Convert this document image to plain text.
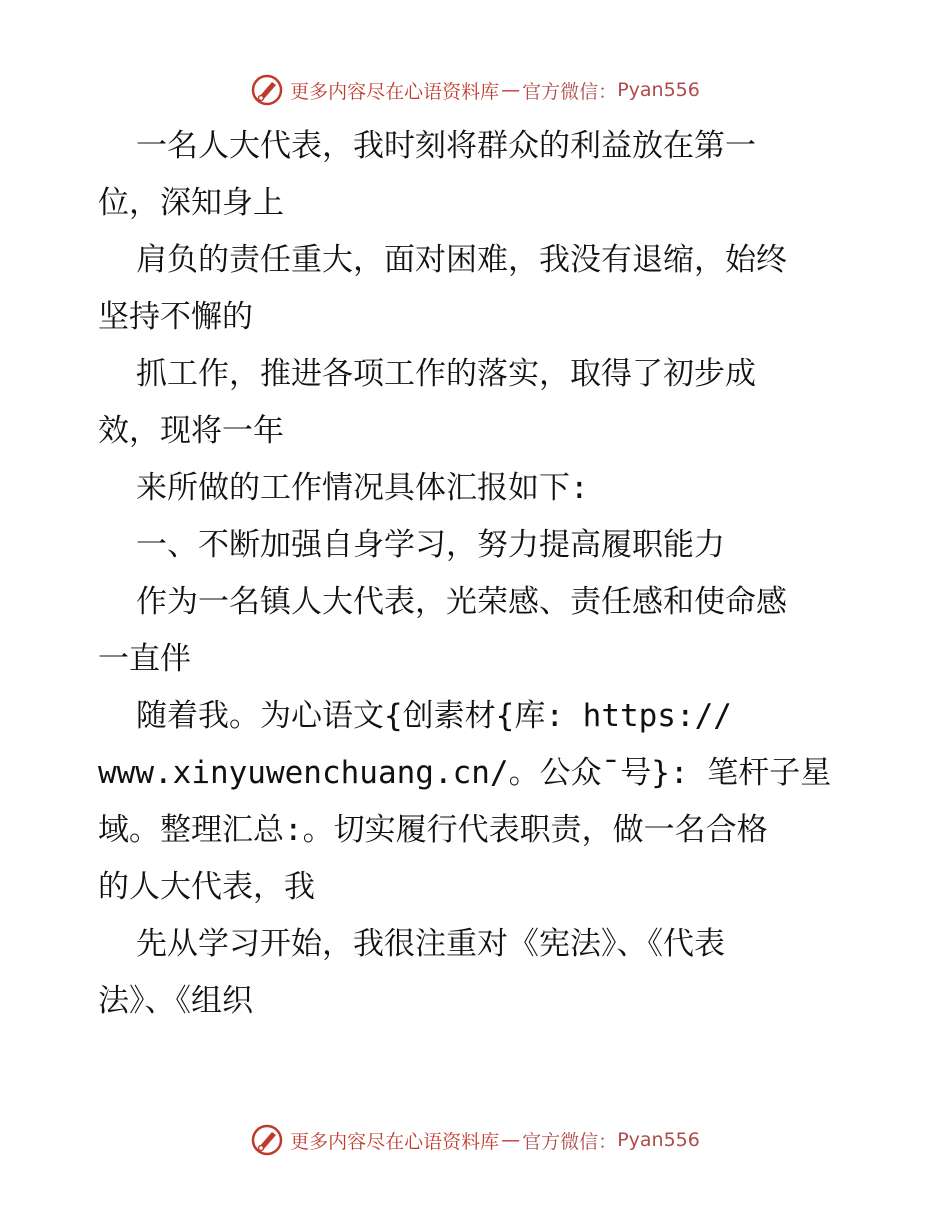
更多内容尽在心语资料库 — 官方微信： Pyan556
一名人大代表，我时刻将群众的利益放在第一
位，深知身上
肩负的责任重大，面对困难，我没有退缩，始终
坚持不懈的
抓工作，推进各项工作的落实，取得了初步成
效，现将一年
来所做的工作情况具体汇报如下:
一、不断加强自身学习，努力提高履职能力
作为一名镇人大代表，光荣感、责任感和使命感
一直伴
随着我。为心语文{创素材{库: https://
www.xinyuwenchuang.cn/。公众¯号}: 笔杆子星
域。整理汇总:。切实履行代表职责，做一名合格
的人大代表，我
先从学习开始，我很注重对《宪法》、《代表
法》、《组织
更多内容尽在心语资料库 — 官方微信： Pyan556
